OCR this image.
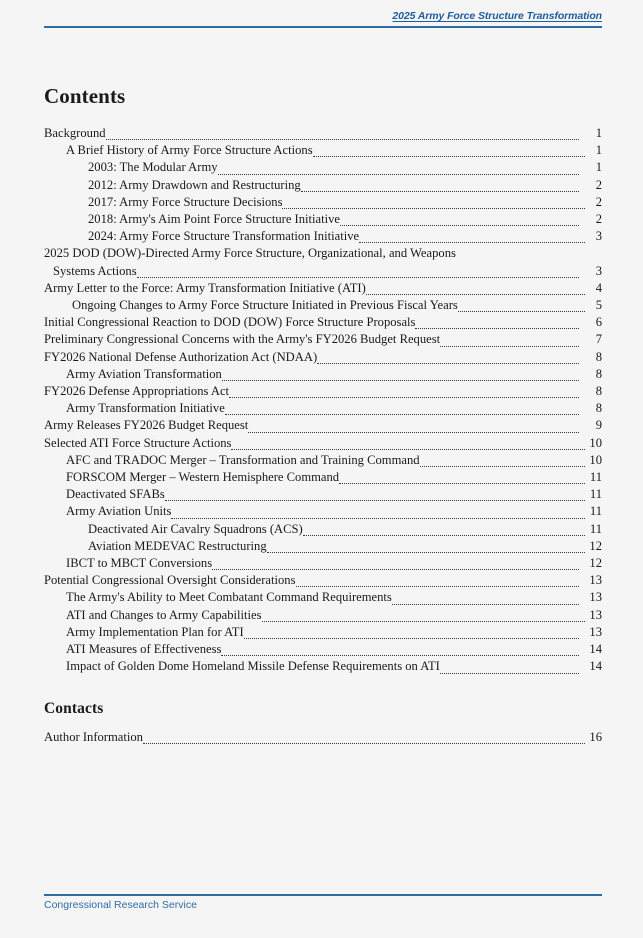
2025 Army Force Structure Transformation
Contents
Background	1
A Brief History of Army Force Structure Actions	1
2003: The Modular Army	1
2012: Army Drawdown and Restructuring	2
2017: Army Force Structure Decisions	2
2018: Army's Aim Point Force Structure Initiative	2
2024: Army Force Structure Transformation Initiative	3
2025 DOD (DOW)-Directed Army Force Structure, Organizational, and Weapons
Systems Actions	3
Army Letter to the Force: Army Transformation Initiative (ATI)	4
Ongoing Changes to Army Force Structure Initiated in Previous Fiscal Years	5
Initial Congressional Reaction to DOD (DOW) Force Structure Proposals	6
Preliminary Congressional Concerns with the Army's FY2026 Budget Request	7
FY2026 National Defense Authorization Act (NDAA)	8
Army Aviation Transformation	8
FY2026 Defense Appropriations Act	8
Army Transformation Initiative	8
Army Releases FY2026 Budget Request	9
Selected ATI Force Structure Actions	10
AFC and TRADOC Merger – Transformation and Training Command	10
FORSCOM Merger – Western Hemisphere Command	11
Deactivated SFABs	11
Army Aviation Units	11
Deactivated Air Cavalry Squadrons (ACS)	11
Aviation MEDEVAC Restructuring	12
IBCT to MBCT Conversions	12
Potential Congressional Oversight Considerations	13
The Army's Ability to Meet Combatant Command Requirements	13
ATI and Changes to Army Capabilities	13
Army Implementation Plan for ATI	13
ATI Measures of Effectiveness	14
Impact of Golden Dome Homeland Missile Defense Requirements on ATI	14
Contacts
Author Information	16
Congressional Research Service
